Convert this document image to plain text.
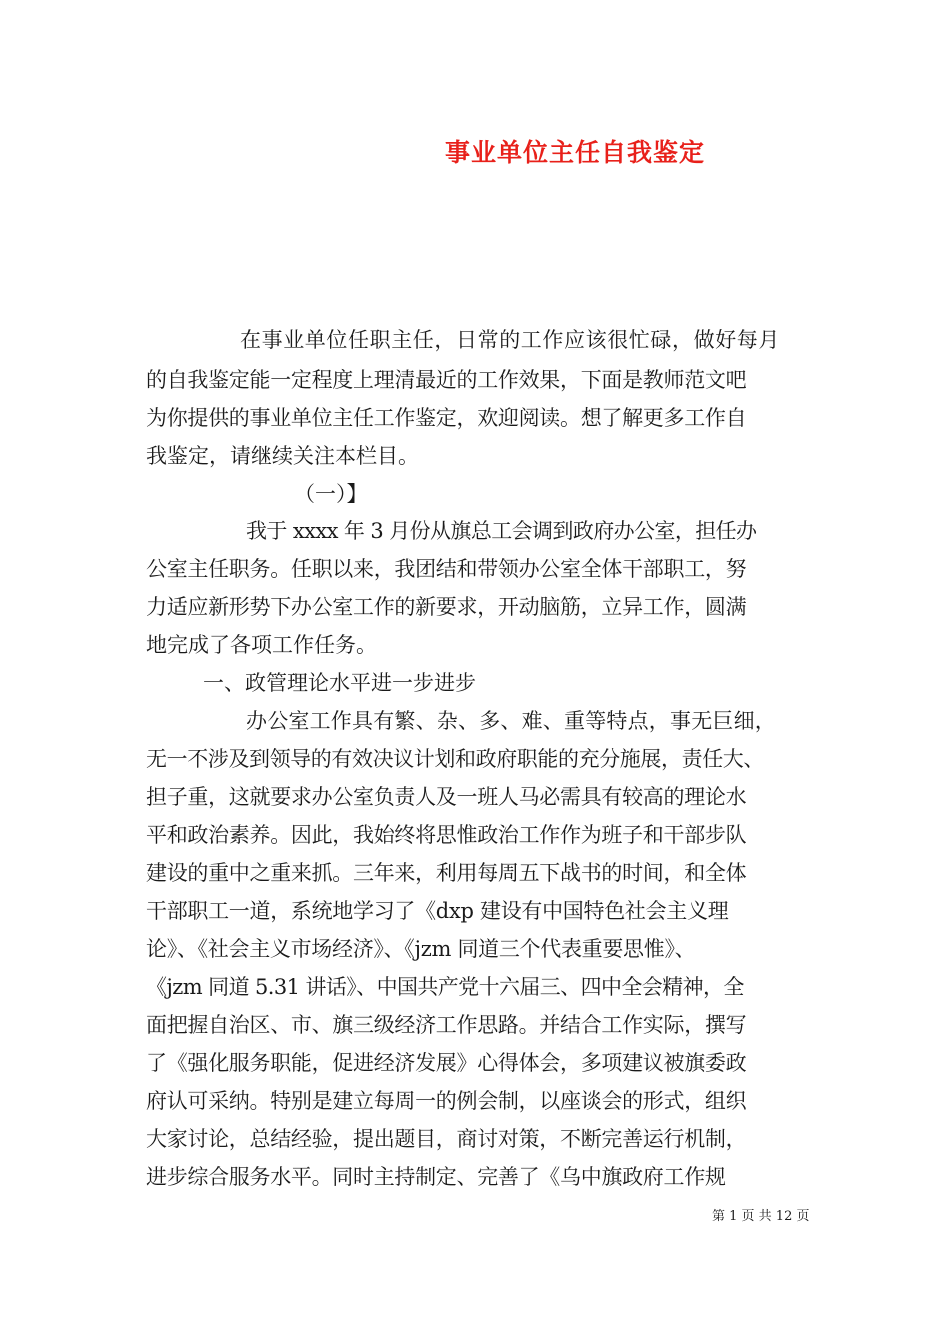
事业单位主任自我鉴定
在事业单位任职主任，日常的工作应该很忙碌，做好每月
的自我鉴定能一定程度上理清最近的工作效果，下面是教师范文吧
为你提供的事业单位主任工作鉴定，欢迎阅读。想了解更多工作自
我鉴定，请继续关注本栏目。
（一）】
我于 xxxx 年 3 月份从旗总工会调到政府办公室，担任办
公室主任职务。任职以来，我团结和带领办公室全体干部职工，努
力适应新形势下办公室工作的新要求，开动脑筋，立异工作，圆满
地完成了各项工作任务。
一、政管理论水平进一步进步
办公室工作具有繁、杂、多、难、重等特点，事无巨细，
无一不涉及到领导的有效决议计划和政府职能的充分施展，责任大、
担子重，这就要求办公室负责人及一班人马必需具有较高的理论水
平和政治素养。因此，我始终将思惟政治工作作为班子和干部步队
建设的重中之重来抓。三年来，利用每周五下战书的时间，和全体
干部职工一道，系统地学习了《dxp 建设有中国特色社会主义理
论》、《社会主义市场经济》、《jzm 同道三个代表重要思惟》、
《jzm 同道 5.31 讲话》、中国共产党十六届三、四中全会精神，全
面把握自治区、市、旗三级经济工作思路。并结合工作实际，撰写
了《强化服务职能，促进经济发展》心得体会，多项建议被旗委政
府认可采纳。特别是建立每周一的例会制，以座谈会的形式，组织
大家讨论，总结经验，提出题目，商讨对策，不断完善运行机制，
进步综合服务水平。同时主持制定、完善了《乌中旗政府工作规
第 1 页 共 12 页
